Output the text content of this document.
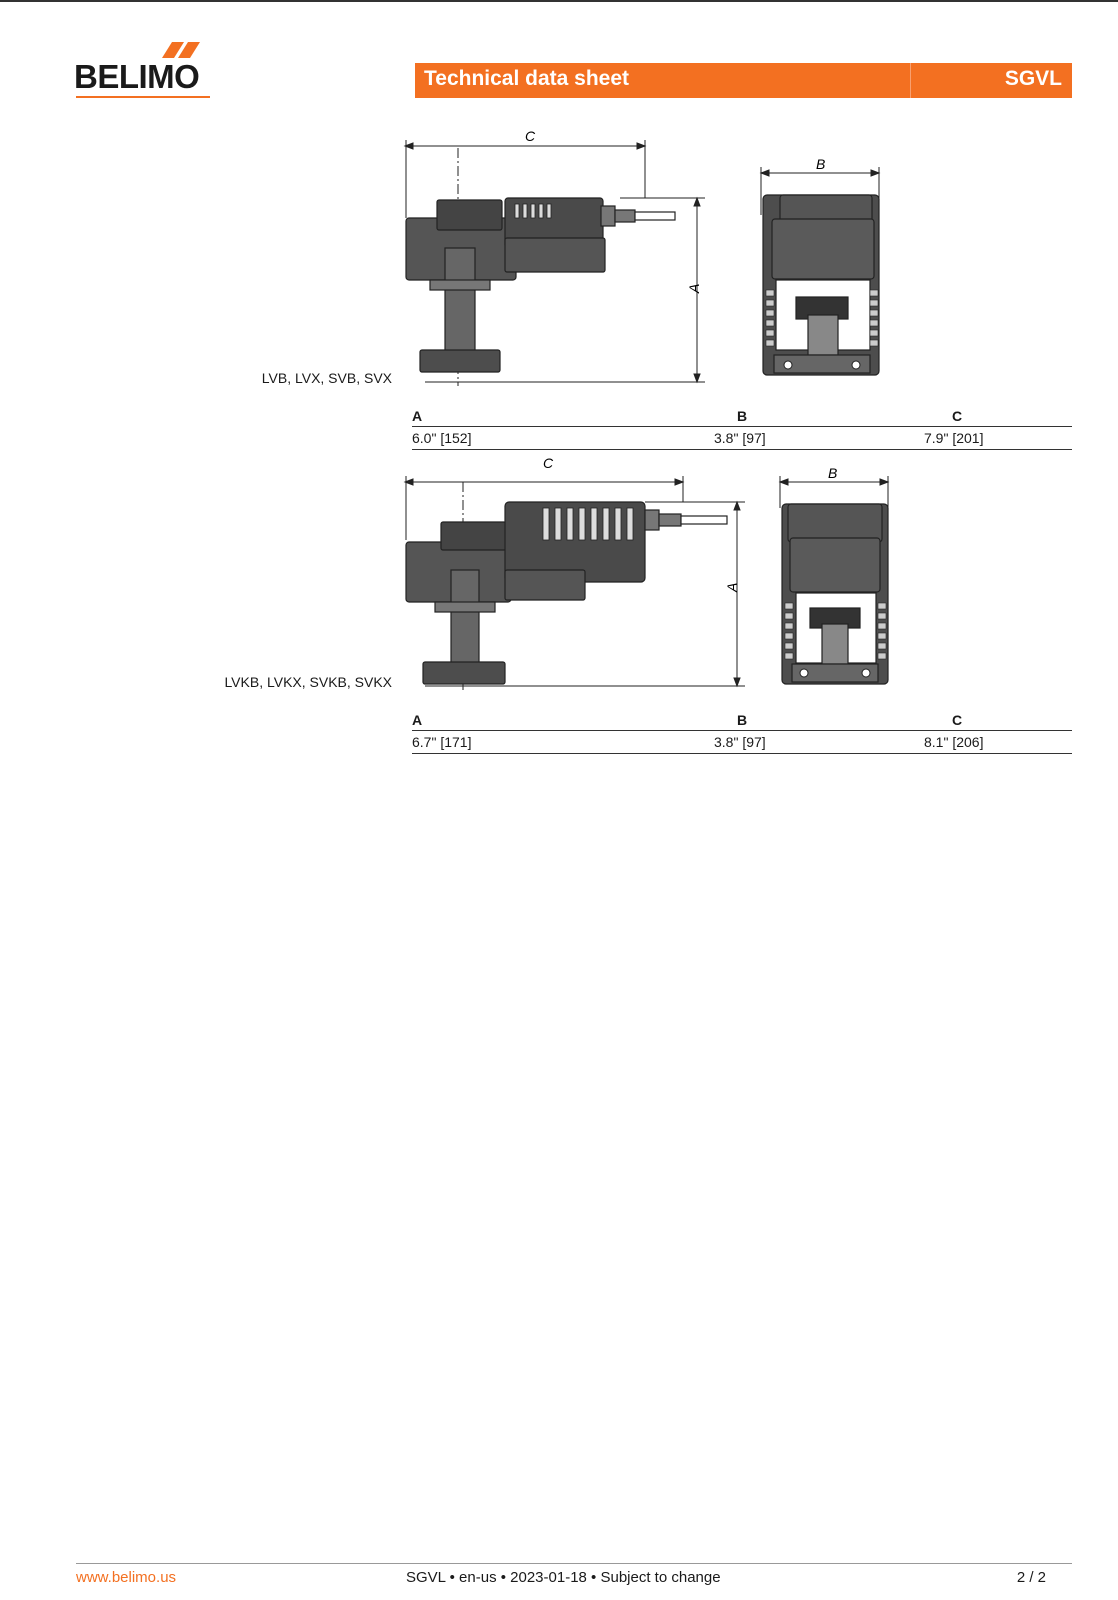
BELIMO	Technical data sheet	SGVL
C
A
B
LVB, LVX, SVB, SVX
A	B	C
6.0" [152]	3.8" [97]	7.9" [201]
C
A
B
LVKB, LVKX, SVKB, SVKX
A	B	C
6.7" [171]	3.8" [97]	8.1" [206]
www.belimo.us	SGVL • en-us • 2023-01-18 • Subject to change	2 / 2
